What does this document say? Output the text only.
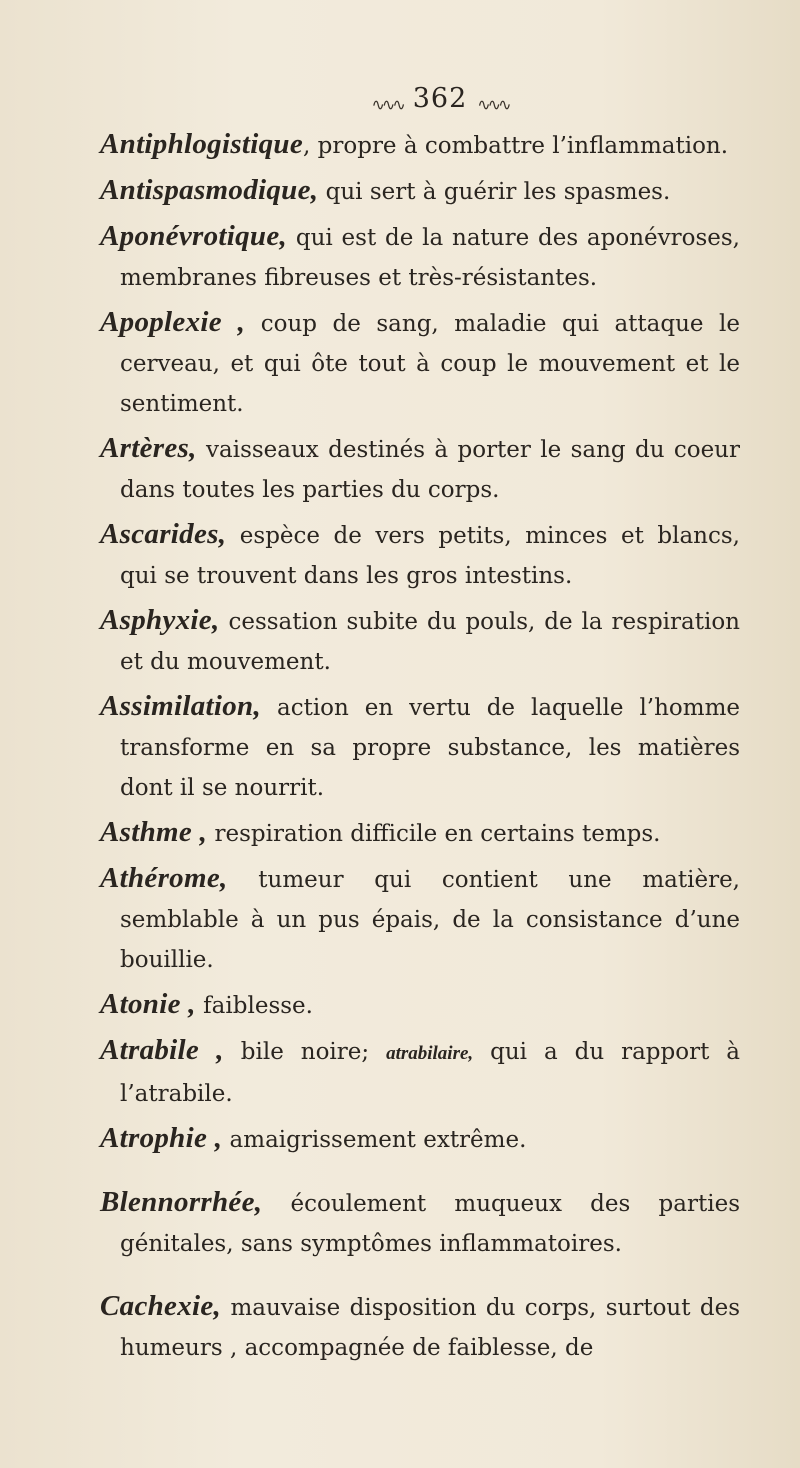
∿∿∿ 362 ∿∿∿

Antiphlogistique, propre à combattre l’inflammation.

Antispasmodique, qui sert à guérir les spasmes.

Aponévrotique, qui est de la nature des aponévroses, membranes fibreuses et très-résistantes.

Apoplexie , coup de sang, maladie qui attaque le cerveau, et qui ôte tout à coup le mouvement et le sentiment.

Artères, vaisseaux destinés à porter le sang du coeur dans toutes les parties du corps.

Ascarides, espèce de vers petits, minces et blancs, qui se trouvent dans les gros intestins.

Asphyxie, cessation subite du pouls, de la respiration et du mouvement.

Assimilation, action en vertu de laquelle l’homme transforme en sa propre substance, les matières dont il se nourrit.

Asthme , respiration difficile en certains temps.

Athérome, tumeur qui contient une matière, semblable à un pus épais, de la consistance d’une bouillie.

Atonie , faiblesse.

Atrabile , bile noire; atrabilaire, qui a du rapport à l’atrabile.

Atrophie , amaigrissement extrême.

Blennorrhée, écoulement muqueux des parties génitales, sans symptômes inflammatoires.

Cachexie, mauvaise disposition du corps, surtout des humeurs , accompagnée de faiblesse, de
